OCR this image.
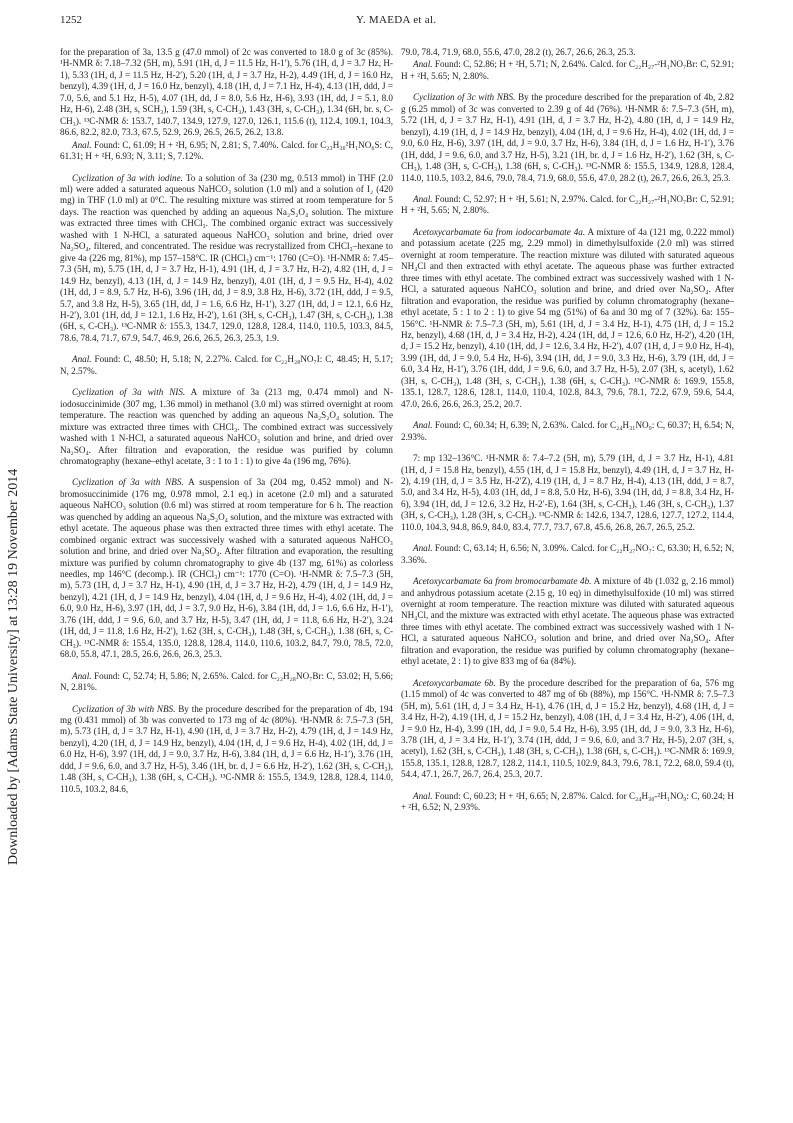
1252	Y. MAEDA et al.
Downloaded by [Adams State University] at 13:28 19 November 2014

for the preparation of 3a, 13.5 g (47.0 mmol) of 2c was converted to 18.0 g of 3c (85%). ¹H-NMR δ: 7.18–7.32 (5H, m), 5.91 (1H, d, J = 11.5 Hz, H-1′), 5.76 (1H, d, J = 3.7 Hz, H-1), 5.33 (1H, d, J = 11.5 Hz, H-2′), 5.20 (1H, d, J = 3.7 Hz, H-2), 4.49 (1H, d, J = 16.0 Hz, benzyl), 4.39 (1H, d, J = 16.0 Hz, benzyl), 4.18 (1H, d, J = 7.1 Hz, H-4), 4.13 (1H, ddd, J = 7.0, 5.6, and 5.1 Hz, H-5), 4.07 (1H, dd, J = 8.0, 5.6 Hz, H-6), 3.93 (1H, dd, J = 5.1, 8.0 Hz, H-6), 2.48 (3H, s, SCH₃), 1.59 (3H, s, C-CH₃), 1.43 (3H, s, C-CH₃), 1.34 (6H, br. s, C-CH₃). ¹³C-NMR δ: 153.7, 140.7, 134.9, 127.9, 127.0, 126.1, 115.6 (t), 112.4, 109.1, 104.3, 86.6, 82.2, 82.0, 73.3, 67.5, 52.9, 26.9, 26.5, 26.5, 26.2, 13.8.

Anal. Found: C, 61.09; H + ²H, 6.95; N, 2.81; S, 7.40%. Calcd. for C₂₃H₃₀²H₁NO₆S: C, 61.31; H + ²H, 6.93; N, 3.11; S, 7.12%.

Cyclization of 3a with iodine. To a solution of 3a (230 mg, 0.513 mmol) in THF (2.0 ml) were added a saturated aqueous NaHCO₃ solution (1.0 ml) and a solution of I₂ (420 mg) in THF (1.0 ml) at 0°C. The resulting mixture was stirred at room temperature for 5 days. The reaction was quenched by adding an aqueous Na₂S₂O₄ solution. The mixture was extracted three times with CHCl₃. The combined organic extract was successively washed with 1 N-HCl, a saturated aqueous NaHCO₃ solution and brine, dried over Na₂SO₄, filtered, and concentrated. The residue was recrystallized from CHCl₃–hexane to give 4a (226 mg, 81%), mp 157–158°C. IR (CHCl₃) cm⁻¹: 1760 (C=O). ¹H-NMR δ: 7.45–7.3 (5H, m), 5.75 (1H, d, J = 3.7 Hz, H-1), 4.91 (1H, d, J = 3.7 Hz, H-2), 4.82 (1H, d, J = 14.9 Hz, benzyl), 4.13 (1H, d, J = 14.9 Hz, benzyl), 4.01 (1H, d, J = 9.5 Hz, H-4), 4.02 (1H, dd, J = 8.9, 5.7 Hz, H-6), 3.96 (1H, dd, J = 8.9, 3.8 Hz, H-6), 3.72 (1H, ddd, J = 9.5, 5.7, and 3.8 Hz, H-5), 3.65 (1H, dd, J = 1.6, 6.6 Hz, H-1′), 3.27 (1H, dd, J = 12.1, 6.6 Hz, H-2′), 3.01 (1H, dd, J = 12.1, 1.6 Hz, H-2′), 1.61 (3H, s, C-CH₃), 1.47 (3H, s, C-CH₃), 1.38 (6H, s, C-CH₃). ¹³C-NMR δ: 155.3, 134.7, 129.0, 128.8, 128.4, 114.0, 110.5, 103.3, 84.5, 78.6, 78.4, 71.7, 67.9, 54.7, 46.9, 26.6, 26.5, 26.3, 25.3, 1.9.

Anal. Found: C, 48.50; H, 5.18; N, 2.27%. Calcd. for C₂₂H₂₈NO₇I: C, 48.45; H, 5.17; N, 2.57%.

Cyclization of 3a with NIS. A mixture of 3a (213 mg, 0.474 mmol) and N-iodosuccinimide (307 mg, 1.36 mmol) in methanol (3.0 ml) was stirred overnight at room temperature. The reaction was quenched by adding an aqueous Na₂S₂O₄ solution. The mixture was extracted three times with CHCl₃. The combined extract was successively washed with 1 N-HCl, a saturated aqueous NaHCO₃ solution and brine, and dried over Na₂SO₄. After filtration and evaporation, the residue was purified by column chromatography (hexane–ethyl acetate, 3 : 1 to 1 : 1) to give 4a (196 mg, 76%).

Cyclization of 3a with NBS. A suspension of 3a (204 mg, 0.452 mmol) and N-bromosuccinimide (176 mg, 0.978 mmol, 2.1 eq.) in acetone (2.0 ml) and a saturated aqueous NaHCO₃ solution (0.6 ml) was stirred at room temperature for 6 h. The reaction was quenched by adding an aqueous Na₂S₂O₄ solution, and the mixture was extracted with ethyl acetate. The aqueous phase was then extracted three times with ethyl acetate. The combined organic extract was successively washed with a saturated aqueous NaHCO₃ solution and brine, and dried over Na₂SO₄. After filtration and evaporation, the resulting mixture was purified by column chromatography to give 4b (137 mg, 61%) as colorless needles, mp 146°C (decomp.). IR (CHCl₃) cm⁻¹: 1770 (C=O). ¹H-NMR δ: 7.5–7.3 (5H, m), 5.73 (1H, d, J = 3.7 Hz, H-1), 4.90 (1H, d, J = 3.7 Hz, H-2), 4.79 (1H, d, J = 14.9 Hz, benzyl), 4.21 (1H, d, J = 14.9 Hz, benzyl), 4.04 (1H, d, J = 9.6 Hz, H-4), 4.02 (1H, dd, J = 6.0, 9.0 Hz, H-6), 3.97 (1H, dd, J = 3.7, 9.0 Hz, H-6), 3.84 (1H, dd, J = 1.6, 6.6 Hz, H-1′), 3.76 (1H, ddd, J = 9.6, 6.0, and 3.7 Hz, H-5), 3.47 (1H, dd, J = 11.8, 6.6 Hz, H-2′), 3.24 (1H, dd, J = 11.8, 1.6 Hz, H-2′), 1.62 (3H, s, C-CH₃), 1.48 (3H, s, C-CH₃), 1.38 (6H, s, C-CH₃). ¹³C-NMR δ: 155.4, 135.0, 128.8, 128.4, 114.0, 110.6, 103.2, 84.7, 79.0, 78.5, 72.0, 68.0, 55.8, 47.1, 28.5, 26.6, 26.6, 26.3, 25.3.

Anal. Found: C, 52.74; H, 5.86; N, 2.65%. Calcd. for C₂₂H₂₈NO₇Br: C, 53.02; H, 5.66; N, 2.81%.

Cyclization of 3b with NBS. By the procedure described for the preparation of 4b, 194 mg (0.431 mmol) of 3b was converted to 173 mg of 4c (80%). ¹H-NMR δ: 7.5–7.3 (5H, m), 5.73 (1H, d, J = 3.7 Hz, H-1), 4.90 (1H, d, J = 3.7 Hz, H-2), 4.79 (1H, d, J = 14.9 Hz, benzyl), 4.20 (1H, d, J = 14.9 Hz, benzyl), 4.04 (1H, d, J = 9.6 Hz, H-4), 4.02 (1H, dd, J = 6.0 Hz, H-6), 3.97 (1H, dd, J = 9.0, 3.7 Hz, H-6), 3.84 (1H, d, J = 6.6 Hz, H-1′), 3.76 (1H, ddd, J = 9.6, 6.0, and 3.7 Hz, H-5), 3.46 (1H, br. d, J = 6.6 Hz, H-2′), 1.62 (3H, s, C-CH₃), 1.48 (3H, s, C-CH₃), 1.38 (6H, s, C-CH₃). ¹³C-NMR δ: 155.5, 134.9, 128.8, 128.4, 114.0, 110.5, 103.2, 84.6,

79.0, 78.4, 71.9, 68.0, 55.6, 47.0, 28.2 (t), 26.7, 26.6, 26.3, 25.3.

Anal. Found: C, 52.86; H + ²H, 5.71; N, 2.64%. Calcd. for C₂₂H₂₇-²H₁NO₇Br: C, 52.91; H + ²H, 5.65; N, 2.80%.

Cyclization of 3c with NBS. By the procedure described for the preparation of 4b, 2.82 g (6.25 mmol) of 3c was converted to 2.39 g of 4d (76%). ¹H-NMR δ: 7.5–7.3 (5H, m), 5.72 (1H, d, J = 3.7 Hz, H-1), 4.91 (1H, d, J = 3.7 Hz, H-2), 4.80 (1H, d, J = 14.9 Hz, benzyl), 4.19 (1H, d, J = 14.9 Hz, benzyl), 4.04 (1H, d, J = 9.6 Hz, H-4), 4.02 (1H, dd, J = 9.0, 6.0 Hz, H-6), 3.97 (1H, dd, J = 9.0, 3.7 Hz, H-6), 3.84 (1H, d, J = 1.6 Hz, H-1′), 3.76 (1H, ddd, J = 9.6, 6.0, and 3.7 Hz, H-5), 3.21 (1H, br. d, J = 1.6 Hz, H-2′), 1.62 (3H, s, C-CH₃), 1.48 (3H, s, C-CH₃), 1.38 (6H, s, C-CH₃). ¹³C-NMR δ: 155.5, 134.9, 128.8, 128.4, 114.0, 110.5, 103.2, 84.6, 79.0, 78.4, 71.9, 68.0, 55.6, 47.0, 28.2 (t), 26.7, 26.6, 26.3, 25.3.

Anal. Found: C, 52.97; H + ²H, 5.61; N, 2.97%. Calcd. for C₂₂H₂₇-²H₁NO₇Br: C, 52.91; H + ²H, 5.65; N, 2.80%.

Acetoxycarbamate 6a from iodocarbamate 4a. A mixture of 4a (121 mg, 0.222 mmol) and potassium acetate (225 mg, 2.29 mmol) in dimethylsulfoxide (2.0 ml) was stirred overnight at room temperature. The reaction mixture was diluted with saturated aqueous NH₄Cl and then extracted with ethyl acetate. The aqueous phase was further extracted three times with ethyl acetate. The combined extract was successively washed with 1 N-HCl, a saturated aqueous NaHCO₃ solution and brine, and dried over Na₂SO₄. After filtration and evaporation, the residue was purified by column chromatography (hexane–ethyl acetate, 5 : 1 to 2 : 1) to give 54 mg (51%) of 6a and 30 mg of 7 (32%). 6a: 155–156°C. ¹H-NMR δ: 7.5–7.3 (5H, m), 5.61 (1H, d, J = 3.4 Hz, H-1), 4.75 (1H, d, J = 15.2 Hz, benzyl), 4.68 (1H, d, J = 3.4 Hz, H-2), 4.24 (1H, dd, J = 12.6, 6.0 Hz, H-2′), 4.20 (1H, d, J = 15.2 Hz, benzyl), 4.10 (1H, dd, J = 12.6, 3.4 Hz, H-2′), 4.07 (1H, d, J = 9.0 Hz, H-4), 3.99 (1H, dd, J = 9.0, 5.4 Hz, H-6), 3.94 (1H, dd, J = 9.0, 3.3 Hz, H-6), 3.79 (1H, dd, J = 6.0, 3.4 Hz, H-1′), 3.76 (1H, ddd, J = 9.6, 6.0, and 3.7 Hz, H-5), 2.07 (3H, s, acetyl), 1.62 (3H, s, C-CH₃), 1.48 (3H, s, C-CH₃), 1.38 (6H, s, C-CH₃). ¹³C-NMR δ: 169.9, 155.8, 135.1, 128.7, 128.6, 128.1, 114.0, 110.4, 102.8, 84.3, 79.6, 78.1, 72.2, 67.9, 59.6, 54.4, 47.0, 26.6, 26.6, 26.3, 25.2, 20.7.

Anal. Found: C, 60.34; H, 6.39; N, 2.63%. Calcd. for C₂₄H₃₁NO₉: C, 60.37; H, 6.54; N, 2.93%.

7: mp 132–136°C. ¹H-NMR δ: 7.4–7.2 (5H, m), 5.79 (1H, d, J = 3.7 Hz, H-1), 4.81 (1H, d, J = 15.8 Hz, benzyl), 4.55 (1H, d, J = 15.8 Hz, benzyl), 4.49 (1H, d, J = 3.7 Hz, H-2), 4.19 (1H, d, J = 3.5 Hz, H-2′Z), 4.19 (1H, d, J = 8.7 Hz, H-4), 4.13 (1H, ddd, J = 8.7, 5.0, and 3.4 Hz, H-5), 4.03 (1H, dd, J = 8.8, 5.0 Hz, H-6), 3.94 (1H, dd, J = 8.8, 3.4 Hz, H-6), 3.94 (1H, dd, J = 12.6, 3.2 Hz, H-2′-E), 1.64 (3H, s, C-CH₃), 1.46 (3H, s, C-CH₃), 1.37 (3H, s, C-CH₃), 1.28 (3H, s, C-CH₃). ¹³C-NMR δ: 142.6, 134.7, 128.6, 127.7, 127.2, 114.4, 110.0, 104.3, 94.8, 86.9, 84.0, 83.4, 77.7, 73.7, 67.8, 45.6, 26.8, 26.7, 26.5, 25.2.

Anal. Found: C, 63.14; H, 6.56; N, 3.09%. Calcd. for C₂₂H₂₇NO₇: C, 63.30; H, 6.52; N, 3.36%.

Acetoxycarbamate 6a from bromocarbamate 4b. A mixture of 4b (1.032 g, 2.16 mmol) and anhydrous potassium acetate (2.15 g, 10 eq) in dimethylsulfoxide (10 ml) was stirred overnight at room temperature. The reaction mixture was diluted with saturated aqueous NH₄Cl, and the mixture was extracted with ethyl acetate. The aqueous phase was extracted three times with ethyl acetate. The combined extract was successively washed with 1 N-HCl, a saturated aqueous NaHCO₃ solution and brine, and dried over Na₂SO₄. After filtration and evaporation, the residue was purified by column chromatography (hexane–ethyl acetate, 2 : 1) to give 833 mg of 6a (84%).

Acetoxycarbamate 6b. By the procedure described for the preparation of 6a, 576 mg (1.15 mmol) of 4c was converted to 487 mg of 6b (88%), mp 156°C. ¹H-NMR δ: 7.5–7.3 (5H, m), 5.61 (1H, d, J = 3.4 Hz, H-1), 4.76 (1H, d, J = 15.2 Hz, benzyl), 4.68 (1H, d, J = 3.4 Hz, H-2), 4.19 (1H, d, J = 15.2 Hz, benzyl), 4.08 (1H, d, J = 3.4 Hz, H-2′), 4.06 (1H, d, J = 9.0 Hz, H-4), 3.99 (1H, dd, J = 9.0, 5.4 Hz, H-6), 3.95 (1H, dd, J = 9.0, 3.3 Hz, H-6), 3.78 (1H, d, J = 3.4 Hz, H-1′), 3.74 (1H, ddd, J = 9.6, 6.0, and 3.7 Hz, H-5), 2.07 (3H, s, acetyl), 1.62 (3H, s, C-CH₃), 1.48 (3H, s, C-CH₃), 1.38 (6H, s, C-CH₃). ¹³C-NMR δ: 169.9, 155.8, 135.1, 128.8, 128.7, 128.2, 114.1, 110.5, 102.9, 84.3, 79.6, 78.1, 72.2, 68.0, 59.4 (t), 54.4, 47.1, 26.7, 26.7, 26.4, 25.3, 20.7.

Anal. Found: C, 60.23; H + ²H, 6.65; N, 2.87%. Calcd. for C₂₄H₃₀-²H₁NO₉: C, 60.24; H + ²H, 6.52; N, 2.93%.
